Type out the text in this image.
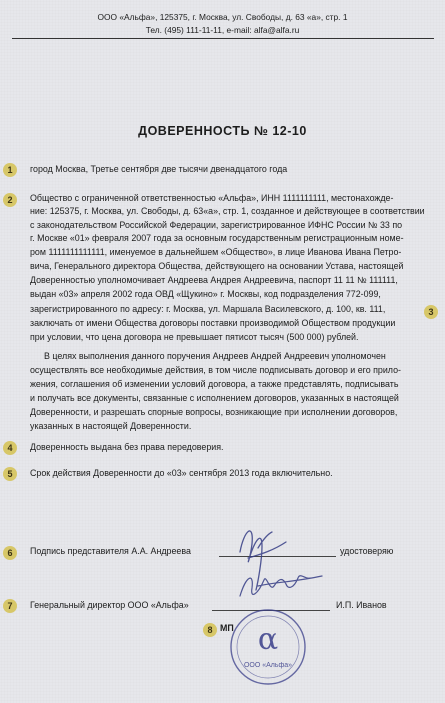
ООО «Альфа», 125375, г. Москва, ул. Свободы, д. 63 «а», стр. 1
Тел. (495) 111-11-11, e-mail: alfa@alfa.ru
ДОВЕРЕННОСТЬ № 12-10
1	город Москва, Третье сентября две тысячи двенадцатого года
2	Общество с ограниченной ответственностью «Альфа», ИНН 1111111111, местонахожде-
ние: 125375, г. Москва, ул. Свободы, д. 63«а», стр. 1, созданное и действующее в соответствии
с законодательством Российской Федерации, зарегистрированное ИФНС России № 33 по
г. Москве «01» февраля 2007 года за основным государственным регистрационным номе-
ром 1111111111111, именуемое в дальнейшем «Общество», в лице Иванова Ивана Петро-
вича, Генерального директора Общества, действующего на основании Устава, настоящей
Доверенностью уполномочивает Андреева Андрея Андреевича, паспорт 11 11 № 111111,
выдан «03» апреля 2002 года ОВД «Щукино» г. Москвы, код подразделения 772-099,
зарегистрированного по адресу: г. Москва, ул. Маршала Василевского, д. 100, кв. 111,
заключать от имени Общества договоры поставки производимой Обществом продукции
при условии, что цена договора не превышает пятисот тысяч (500 000) рублей.
3
В целях выполнения данного поручения Андреев Андрей Андреевич уполномочен
осуществлять все необходимые действия, в том числе подписывать договор и его прило-
жения, соглашения об изменении условий договора, а также представлять, подписывать
и получать все документы, связанные с исполнением договоров, указанных в настоящей
Доверенности, и разрешать спорные вопросы, возникающие при исполнении договоров,
указанных в настоящей Доверенности.
4	Доверенность выдана без права передоверия.
5	Срок действия Доверенности до «03» сентября 2013 года включительно.
6	Подпись представителя А.А. Андреева	удостоверяю
7	Генеральный директор ООО «Альфа»	И.П. Иванов
8 МП α
ООО «Альфа»
